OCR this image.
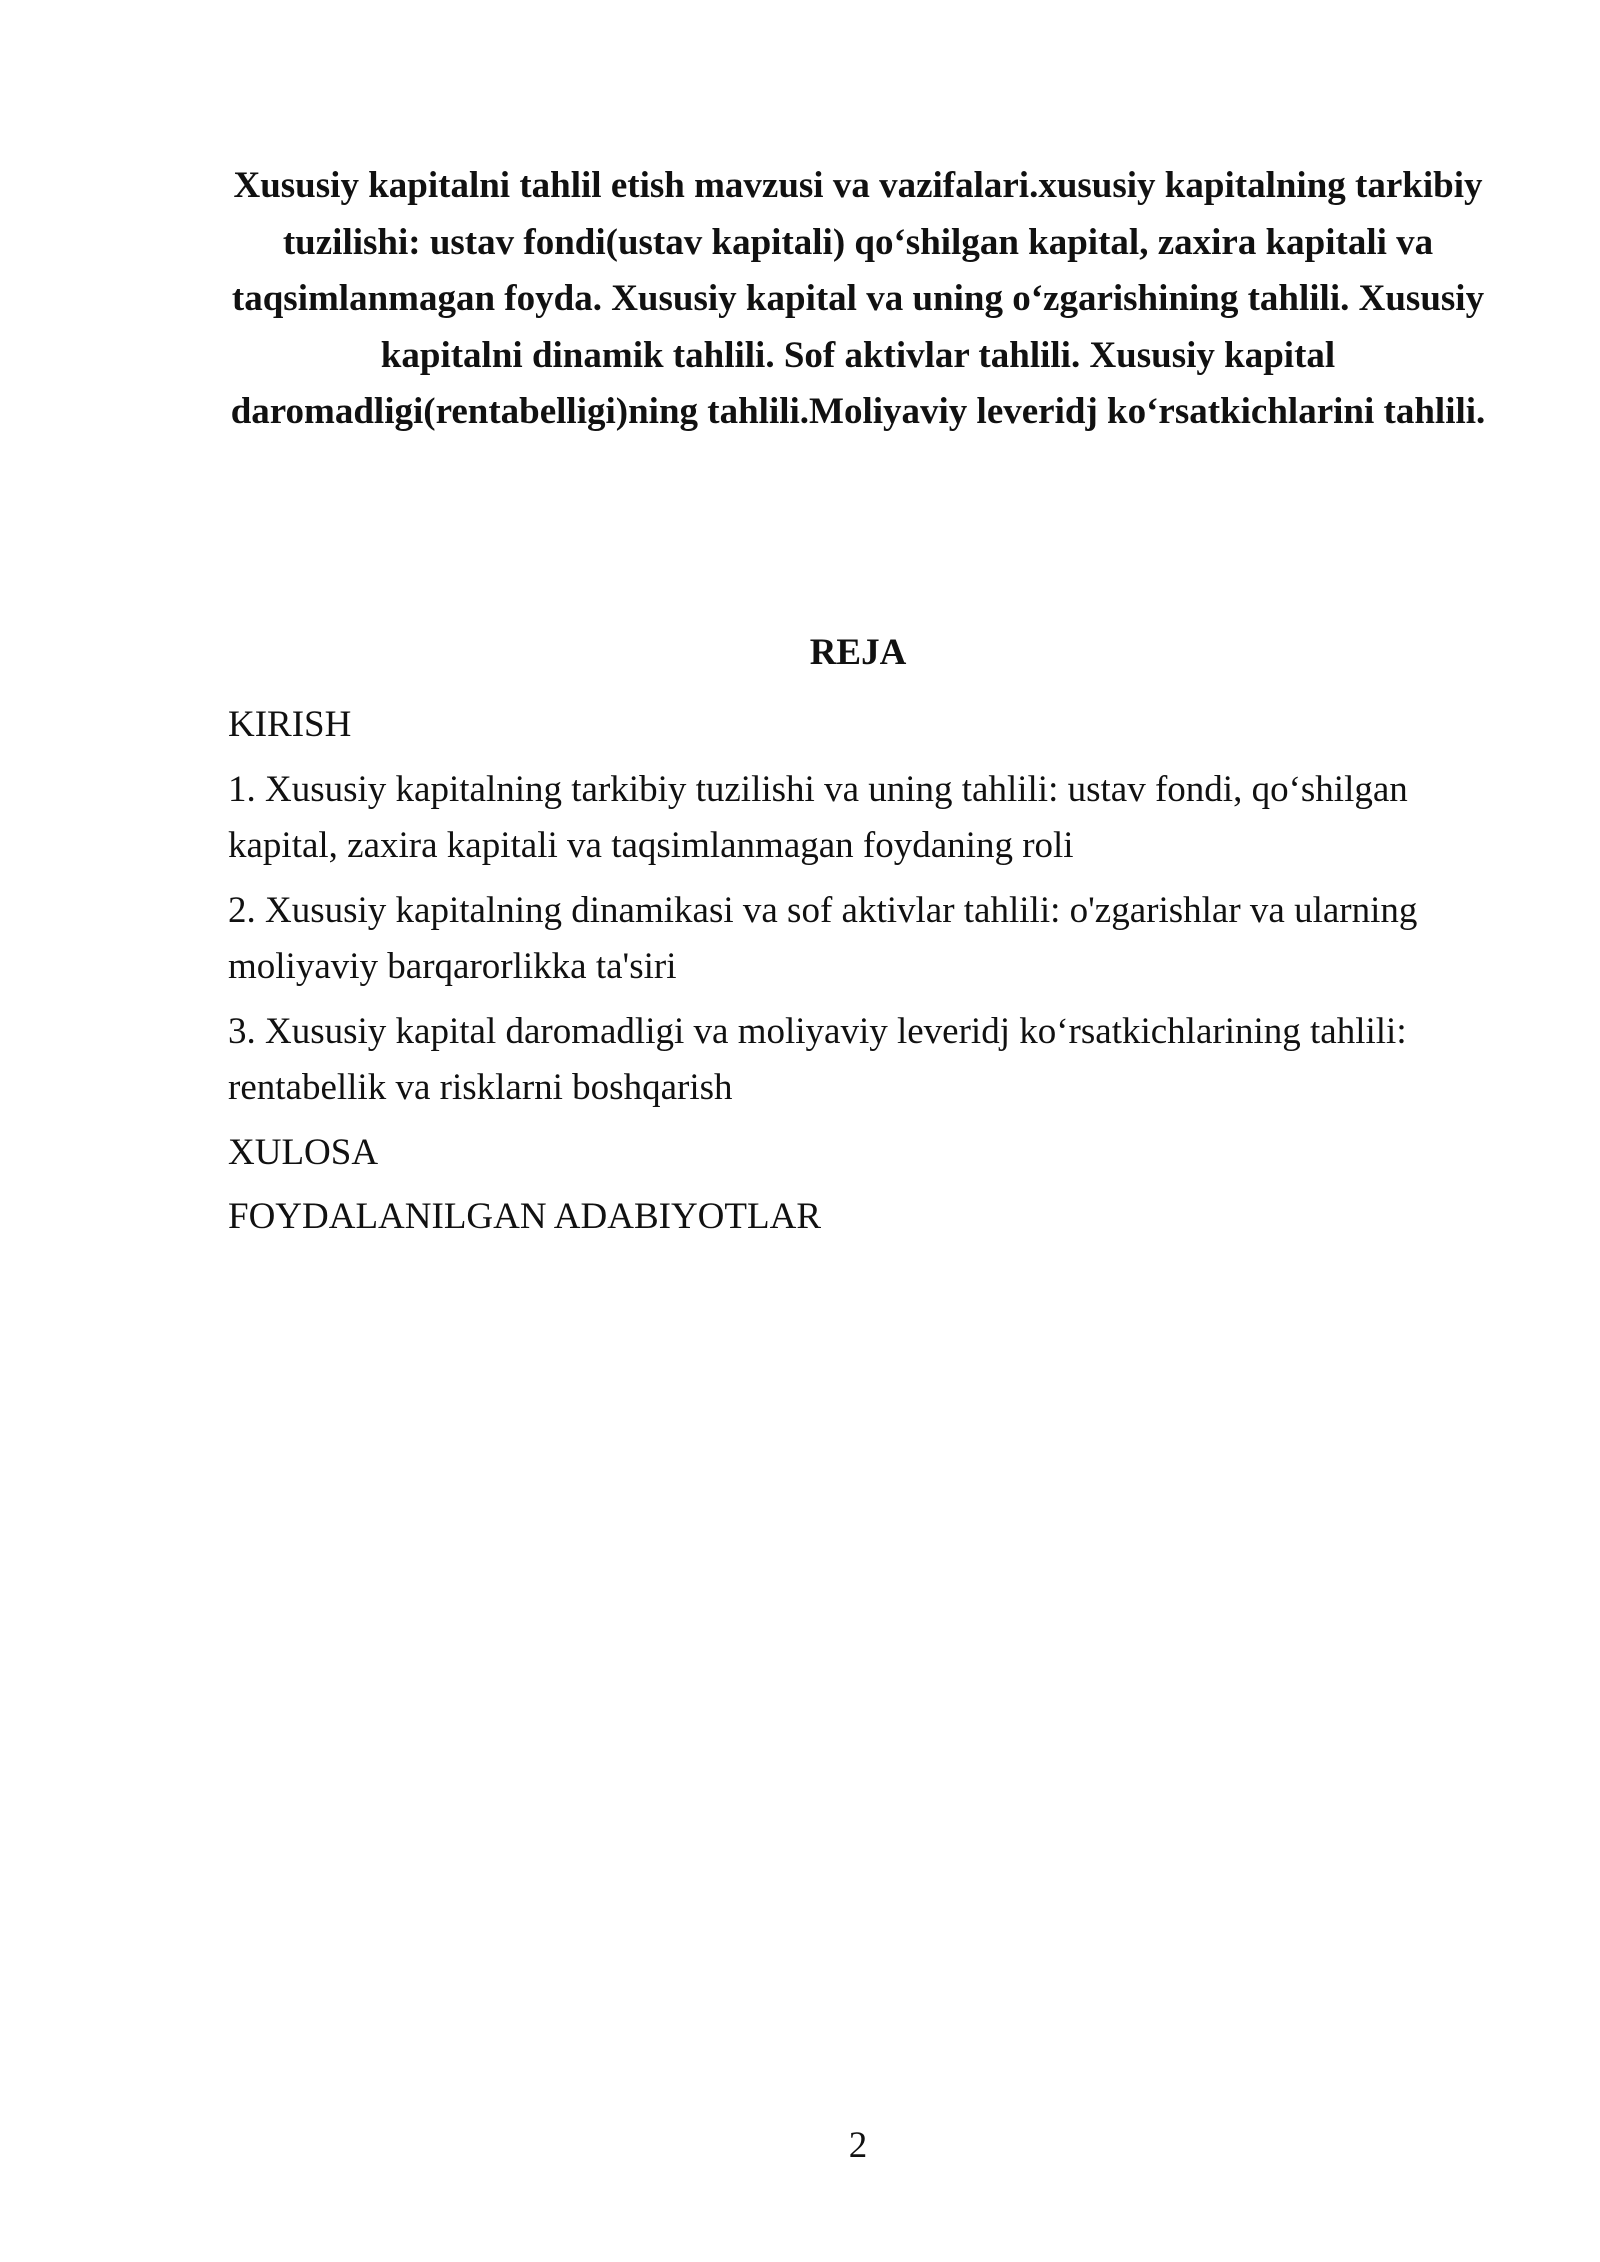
Xususiy kapitalni tahlil etish mavzusi va vazifalari.xususiy kapitalning tarkibiy tuzilishi: ustav fondi(ustav kapitali) qo‘shilgan kapital, zaxira kapitali va taqsimlanmagan foyda. Xususiy kapital va uning o‘zgarishining tahlili. Xususiy kapitalni dinamik tahlili. Sof aktivlar tahlili. Xususiy kapital daromadligi(rentabelligi)ning tahlili.Moliyaviy leveridj ko‘rsatkichlarini tahlili.

REJA

KIRISH
1. Xususiy kapitalning tarkibiy tuzilishi va uning tahlili: ustav fondi, qo‘shilgan kapital, zaxira kapitali va taqsimlanmagan foydaning roli
2. Xususiy kapitalning dinamikasi va sof aktivlar tahlili: o'zgarishlar va ularning moliyaviy barqarorlikka ta'siri
3. Xususiy kapital daromadligi va moliyaviy leveridj ko‘rsatkichlarining tahlili: rentabellik va risklarni boshqarish
XULOSA
FOYDALANILGAN ADABIYOTLAR
2
